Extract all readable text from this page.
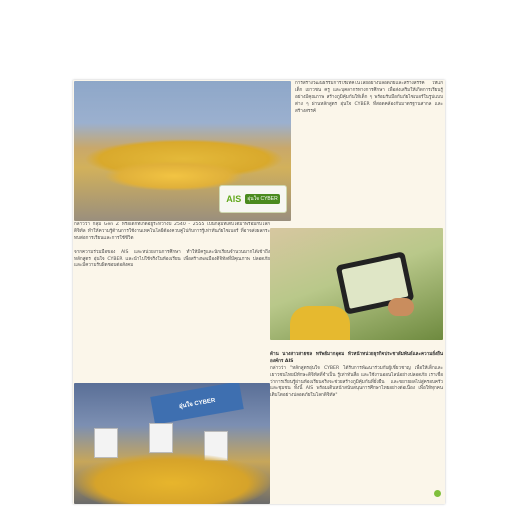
AIS	อุ่นใจ CYBER
การสร้างวัฒนธรรมการใช้เทคโนโลยีอย่างปลอดภัยและสร้างสรรค์ ให้แก่เด็ก เยาวชน ครู และบุคลากรทางการศึกษา เพื่อส่งเสริมให้เกิดการเรียนรู้อย่างมีคุณภาพ สร้างภูมิคุ้มกันให้เด็ก ๆ พร้อมรับมือกับภัยไซเบอร์ในรูปแบบต่าง ๆ ผ่านหลักสูตร อุ่นใจ CYBER ที่สอดคล้องกับมาตรฐานสากล และสร้างสรรค์
กล่าวว่า กลุ่ม Gen Z หรือเด็กที่เกิดอยู่ระหว่างปี 2540 - 2555 เป็นกลุ่มที่เติบโตมาพร้อมกับโลกดิจิทัล ทำให้ความรู้ด้านการใช้งานเทคโนโลยีต้องควบคู่ไปกับการรู้เท่าทันภัยไซเบอร์ ที่อาจส่งผลกระทบต่อการเรียนและการใช้ชีวิต

จากความร่วมมือของ AIS และหน่วยงานการศึกษา ทำให้มีครูและนักเรียนจำนวนมากได้เข้าถึงหลักสูตร อุ่นใจ CYBER และนำไปใช้จริงในห้องเรียน เพื่อสร้างพลเมืองดิจิทัลที่มีคุณภาพ ปลอดภัย และมีความรับผิดชอบต่อสังคม

ด้าน นางสาวสายชล ทรัพย์มากอุดม หัวหน้าหน่วยธุรกิจประชาสัมพันธ์และความยั่งยืนองค์กร AIS
กล่าวว่า "หลักสูตรอุ่นใจ CYBER ได้รับการพัฒนาร่วมกับผู้เชี่ยวชาญ เพื่อให้เด็กและเยาวชนไทยมีทักษะดิจิทัลที่จำเป็น รู้เท่าทันสื่อ และใช้งานออนไลน์อย่างปลอดภัย เราเชื่อว่าการเรียนรู้ผ่านห้องเรียนจริงจะช่วยสร้างภูมิคุ้มกันที่ยั่งยืน และขยายผลไปสู่ครอบครัวและชุมชน ทั้งนี้ AIS พร้อมเดินหน้าสนับสนุนการศึกษาไทยอย่างต่อเนื่อง เพื่อให้ทุกคนเติบโตอย่างปลอดภัยในโลกดิจิทัล"

อุ่นใจ CYBER
